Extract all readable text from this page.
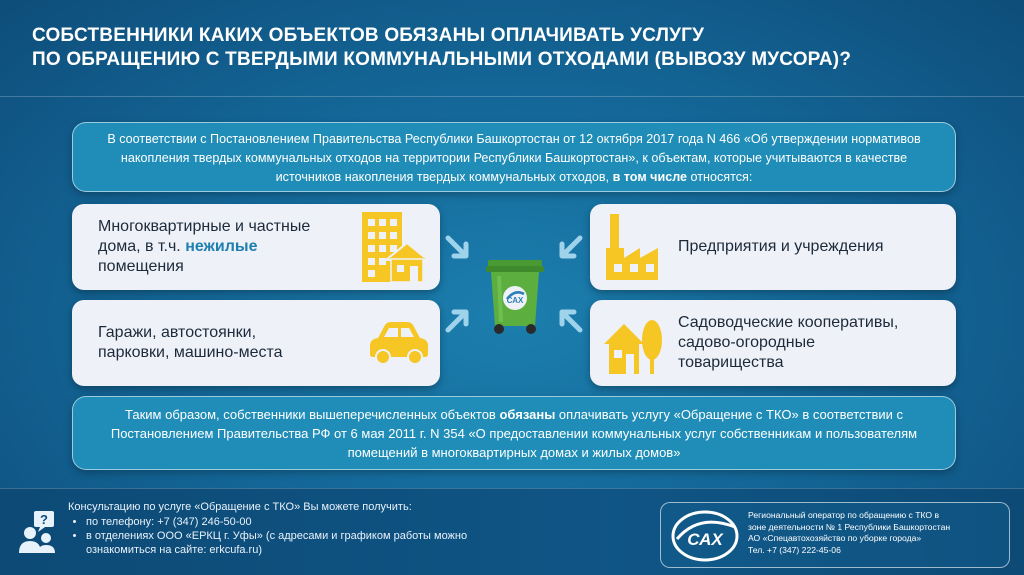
СОБСТВЕННИКИ КАКИХ ОБЪЕКТОВ ОБЯЗАНЫ ОПЛАЧИВАТЬ УСЛУГУ
ПО ОБРАЩЕНИЮ С ТВЕРДЫМИ КОММУНАЛЬНЫМИ ОТХОДАМИ (ВЫВОЗУ МУСОРА)?
В соответствии с Постановлением Правительства Республики Башкортостан от 12 октября 2017 года N 466 «Об утверждении нормативов накопления твердых коммунальных отходов на территории Республики Башкортостан», к объектам, которые учитываются в качестве источников накопления твердых коммунальных отходов, в том числе относятся:
Многоквартирные и частные
дома, в т.ч. нежилые
помещения
Предприятия и учреждения
Гаражи, автостоянки,
парковки, машино-места
Садоводческие кооперативы,
садово-огородные
товарищества
САХ
Таким образом, собственники вышеперечисленных объектов обязаны оплачивать услугу «Обращение с ТКО» в соответствии с Постановлением Правительства РФ от 6 мая 2011 г. N 354 «О предоставлении коммунальных услуг собственникам и пользователям помещений в многоквартирных домах и жилых домов»
?
Консультацию по услуге «Обращение с ТКО» Вы можете получить:
• по телефону: +7 (347) 246-50-00
• в отделениях ООО «ЕРКЦ г. Уфы» (с адресами и графиком работы можно
ознакомиться на сайте: erkcufa.ru)
САХ
Региональный оператор по обращению с ТКО в
зоне деятельности № 1 Республики Башкортостан
АО «Спецавтохозяйство по уборке города»
Тел. +7 (347) 222-45-06
